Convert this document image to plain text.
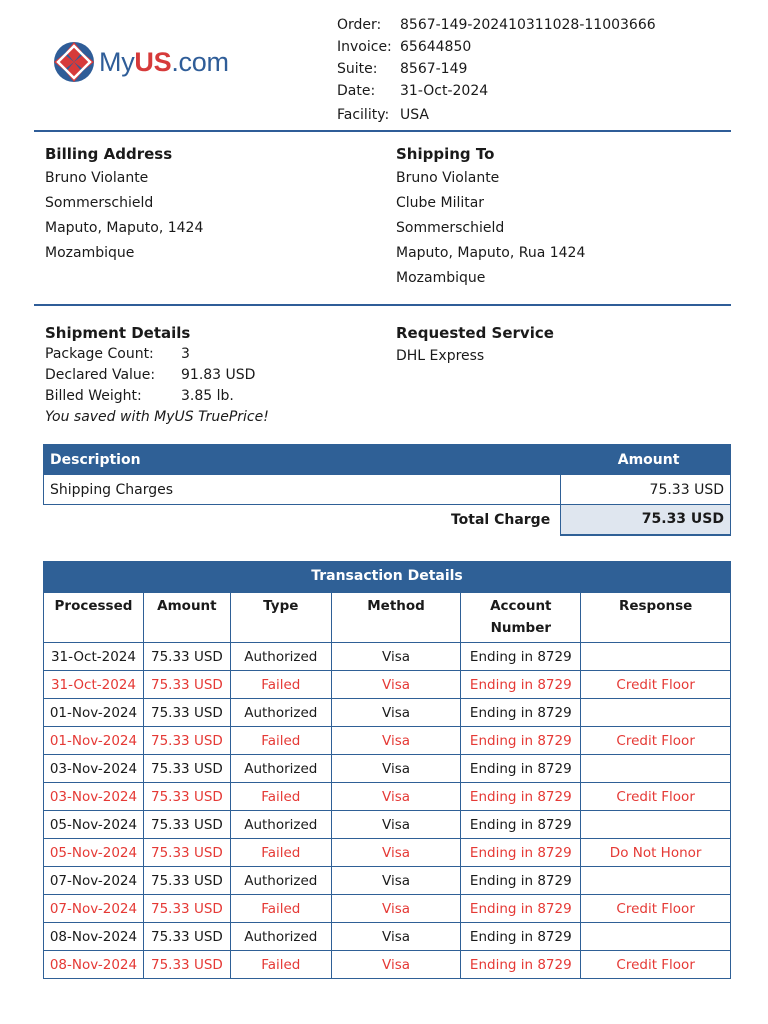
MyUS.com
Order:	8567-149-202410311028-11003666
Invoice: 65644850
Suite:	8567-149
Date:	31-Oct-2024
Facility: USA
Billing Address
Bruno Violante
Sommerschield
Maputo, Maputo, 1424
Mozambique
Shipping To
Bruno Violante
Clube Militar
Sommerschield
Maputo, Maputo, Rua 1424
Mozambique
Shipment Details
Package Count:	3
Declared Value:	91.83 USD
Billed Weight:	3.85 lb.
You saved with MyUS TruePrice!
Requested Service
DHL Express
Description	Amount
Shipping Charges	75.33 USD
Total Charge	75.33 USD
Transaction Details
Processed	Amount	Type	Method	Account Number	Response
31-Oct-2024	75.33 USD	Authorized	Visa	Ending in 8729	
31-Oct-2024	75.33 USD	Failed	Visa	Ending in 8729	Credit Floor
01-Nov-2024	75.33 USD	Authorized	Visa	Ending in 8729	
01-Nov-2024	75.33 USD	Failed	Visa	Ending in 8729	Credit Floor
03-Nov-2024	75.33 USD	Authorized	Visa	Ending in 8729	
03-Nov-2024	75.33 USD	Failed	Visa	Ending in 8729	Credit Floor
05-Nov-2024	75.33 USD	Authorized	Visa	Ending in 8729	
05-Nov-2024	75.33 USD	Failed	Visa	Ending in 8729	Do Not Honor
07-Nov-2024	75.33 USD	Authorized	Visa	Ending in 8729	
07-Nov-2024	75.33 USD	Failed	Visa	Ending in 8729	Credit Floor
08-Nov-2024	75.33 USD	Authorized	Visa	Ending in 8729	
08-Nov-2024	75.33 USD	Failed	Visa	Ending in 8729	Credit Floor
